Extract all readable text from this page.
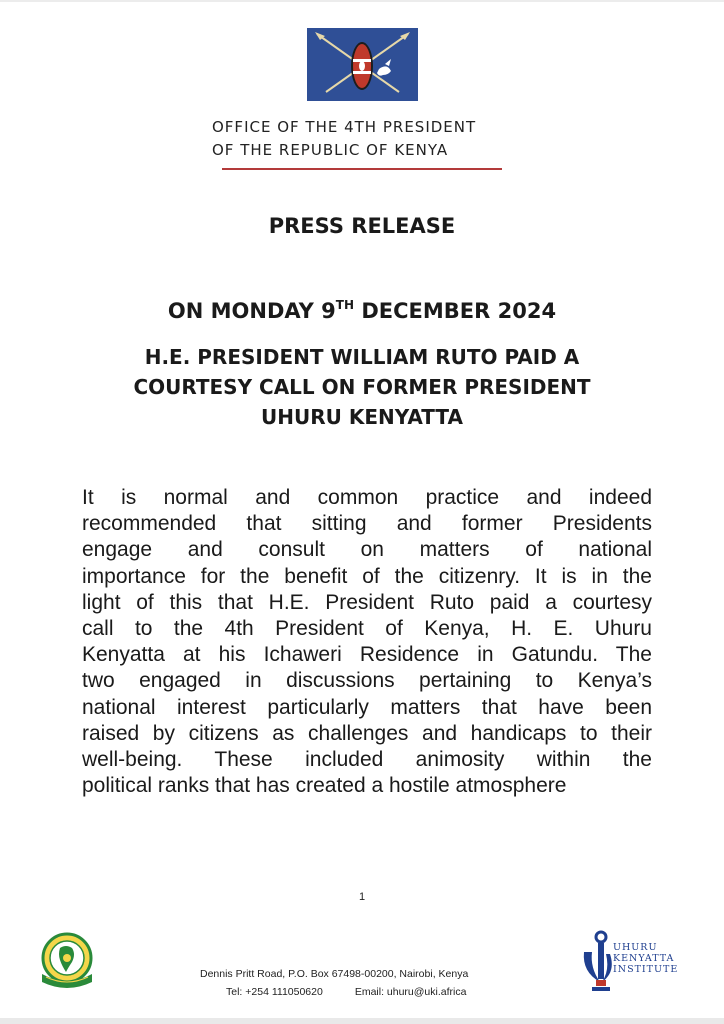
OFFICE OF THE 4TH PRESIDENT
OF THE REPUBLIC OF KENYA
PRESS RELEASE
ON MONDAY 9TH DECEMBER 2024
H.E. PRESIDENT WILLIAM RUTO PAID A
COURTESY CALL ON FORMER PRESIDENT
UHURU KENYATTA
It is normal and common practice and indeed
recommended that sitting and former Presidents
engage and consult on matters of national
importance for the benefit of the citizenry. It is in the
light of this that H.E. President Ruto paid a courtesy
call to the 4th President of Kenya, H. E. Uhuru
Kenyatta at his Ichaweri Residence in Gatundu. The
two engaged in discussions pertaining to Kenya’s
national interest particularly matters that have been
raised by citizens as challenges and handicaps to their
well-being. These included animosity within the
political ranks that has created a hostile atmosphere
1
Dennis Pritt Road, P.O. Box 67498-00200, Nairobi, Kenya
Tel: +254 111050620	Email: uhuru@uki.africa
UHURU
KENYATTA
INSTITUTE
